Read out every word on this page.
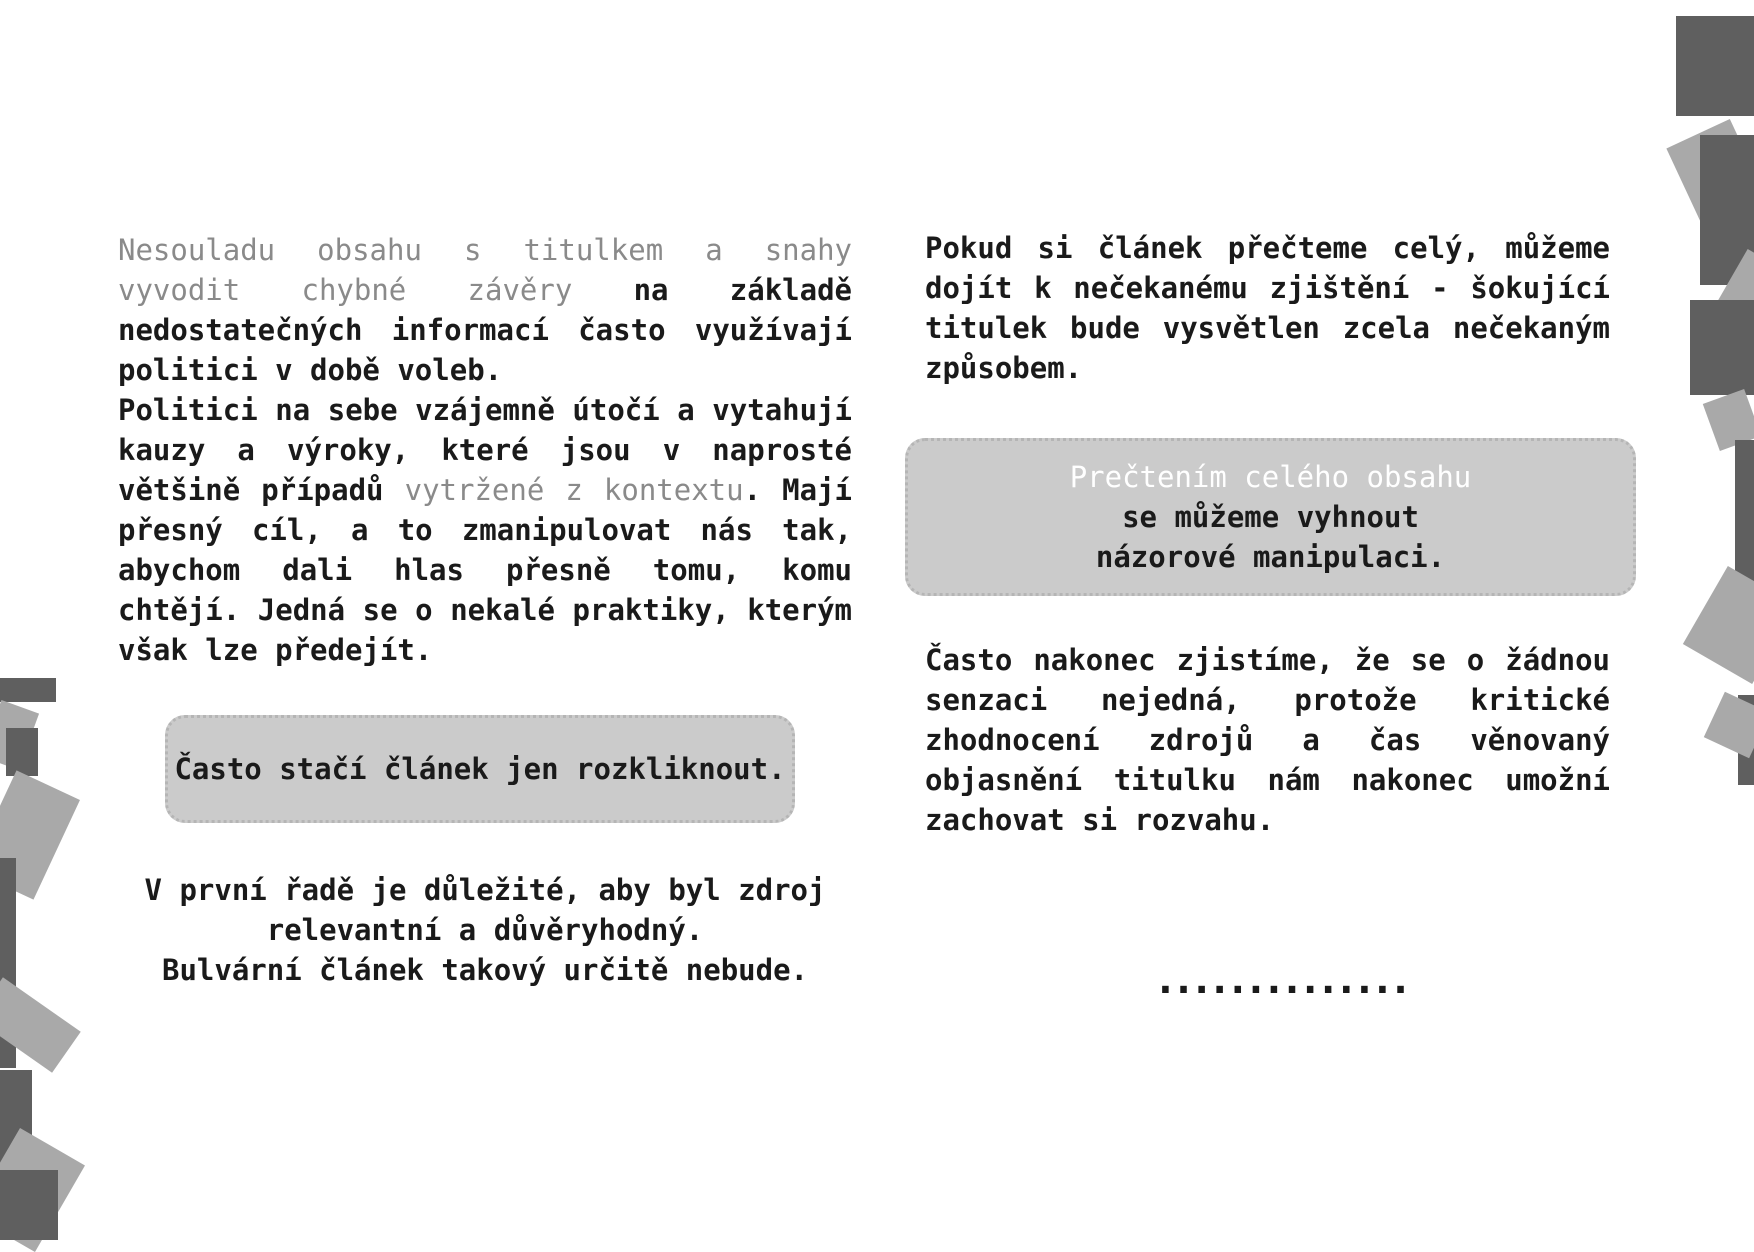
Nesouladu obsahu s titulkem a snahy vyvodit chybné závěry na základě nedostatečných informací často využívají politici v době voleb.

Politici na sebe vzájemně útočí a vytahují kauzy a výroky, které jsou v naprosté většině případů vytržené z kontextu. Mají přesný cíl, a to zmanipulovat nás tak, abychom dali hlas přesně tomu, komu chtějí. Jedná se o nekalé praktiky, kterým však lze předejít.

Často stačí článek jen rozkliknout.
V první řadě je důležité, aby byl zdroj
relevantní a důvěryhodný.
Bulvární článek takový určitě nebude.
Pokud si článek přečteme celý, můžeme dojít k nečekanému zjištění - šokující titulek bude vysvětlen zcela nečekaným způsobem.
Prečtením celého obsahu
se můžeme vyhnout
názorové manipulaci.
Často nakonec zjistíme, že se o žádnou senzaci nejedná, protože kritické zhodnocení zdrojů a čas věnovaný objasnění titulku nám nakonec umožní zachovat si rozvahu.
..............
